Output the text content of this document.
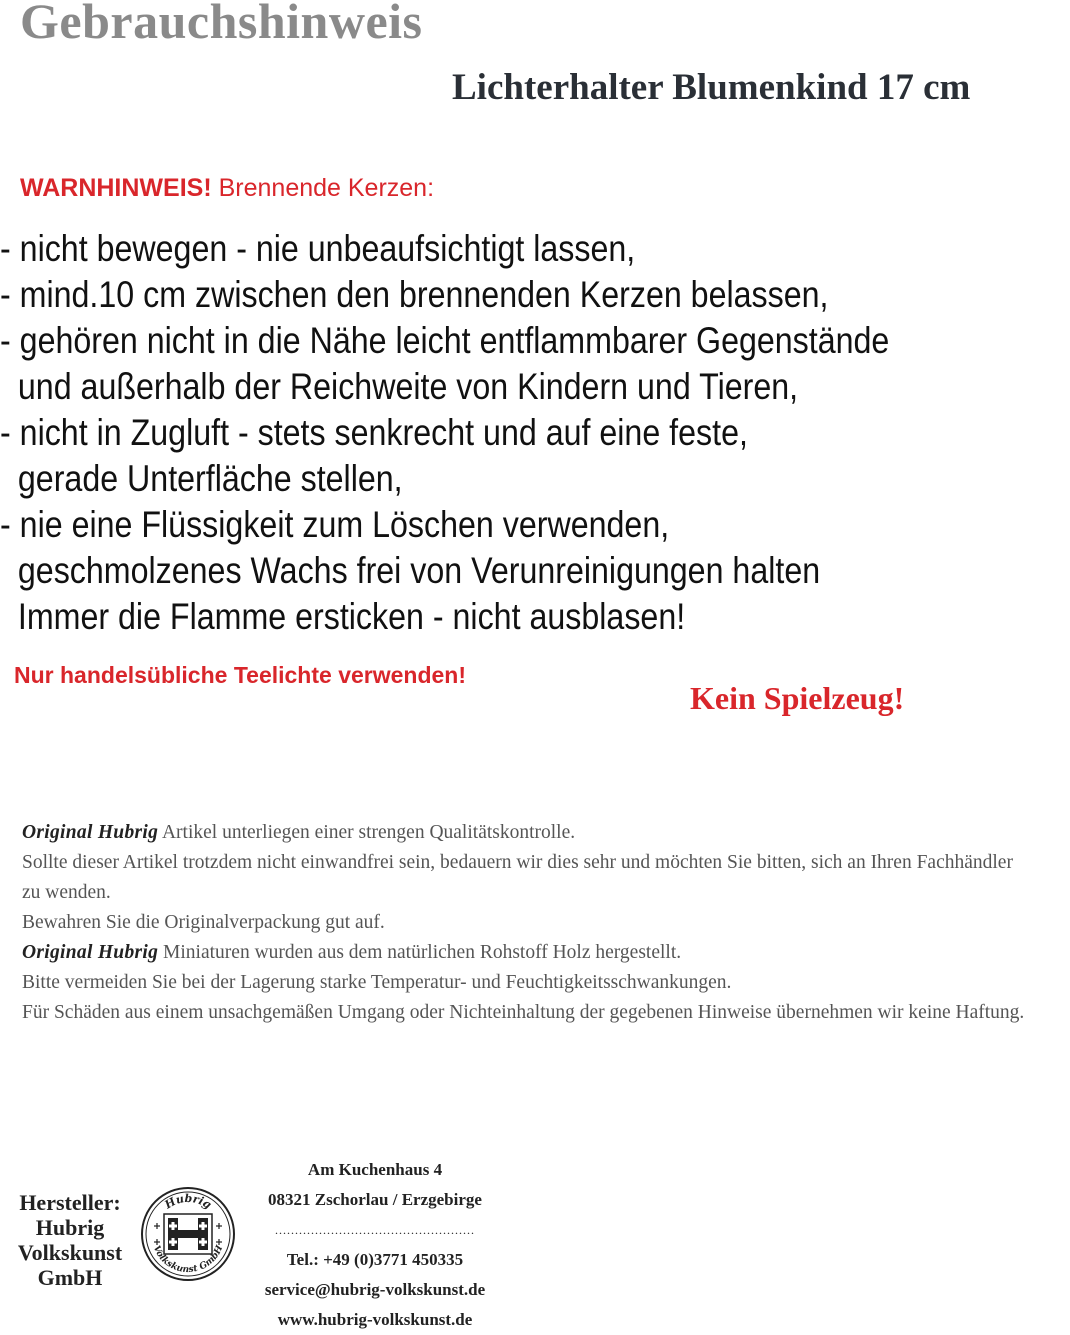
Gebrauchshinweis
Lichterhalter Blumenkind 17 cm
WARNHINWEIS! Brennende Kerzen:
- nicht bewegen - nie unbeaufsichtigt lassen,
- mind.10 cm zwischen den brennenden Kerzen belassen,
- gehören nicht in die Nähe leicht entflammbarer Gegenstände
und außerhalb der Reichweite von Kindern und Tieren,
- nicht in Zugluft - stets senkrecht und auf eine feste,
gerade Unterfläche stellen,
- nie eine Flüssigkeit zum Löschen verwenden,
geschmolzenes Wachs frei von Verunreinigungen halten
Immer die Flamme ersticken - nicht ausblasen!
Nur handelsübliche Teelichte verwenden!
Kein Spielzeug!
Original Hubrig Artikel unterliegen einer strengen Qualitätskontrolle.
Sollte dieser Artikel trotzdem nicht einwandfrei sein, bedauern wir dies sehr und möchten Sie bitten, sich an Ihren Fachhändler zu wenden.
Bewahren Sie die Originalverpackung gut auf.
Original Hubrig Miniaturen wurden aus dem natürlichen Rohstoff Holz hergestellt.
Bitte vermeiden Sie bei der Lagerung starke Temperatur- und Feuchtigkeitsschwankungen.
Für Schäden aus einem unsachgemäßen Umgang oder Nichteinhaltung der gegebenen Hinweise übernehmen wir keine Haftung.
Hersteller:
Hubrig Volkskunst GmbH
Hubrig
Volkskunst GmbH
Am Kuchenhaus 4
08321 Zschorlau / Erzgebirge
..................................................
Tel.: +49 (0)3771 450335
service@hubrig-volkskunst.de
www.hubrig-volkskunst.de
